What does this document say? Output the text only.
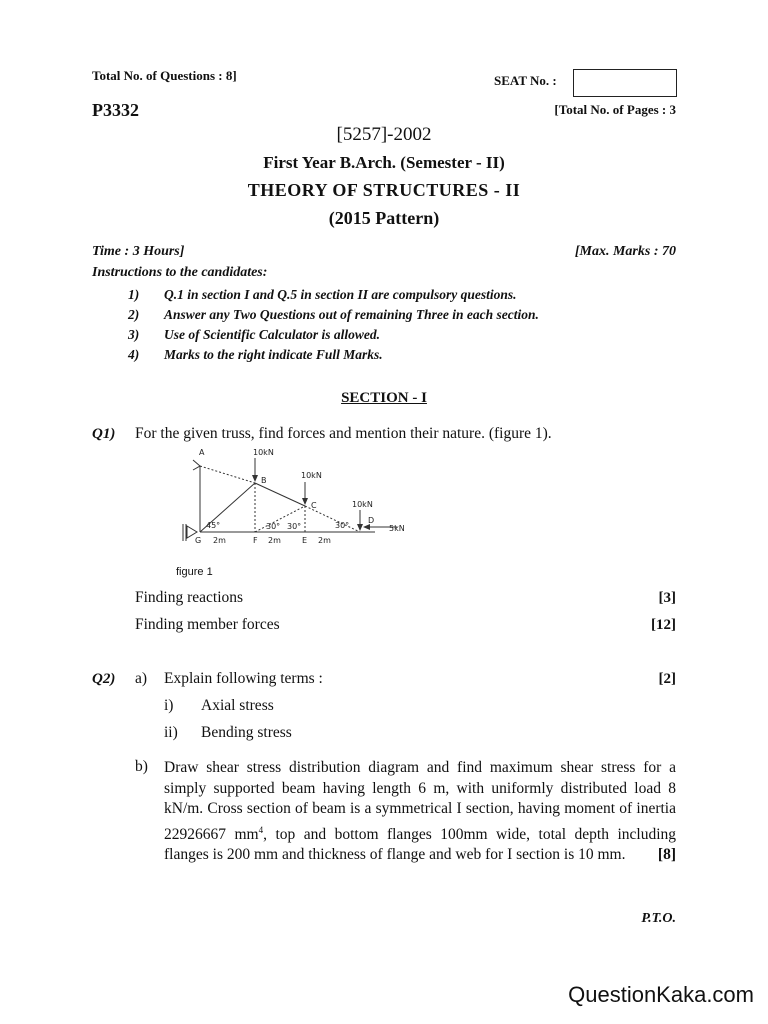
Total No. of Questions : 8]	SEAT No. :
P3332	[Total No. of Pages : 3
[5257]-2002
First Year B.Arch. (Semester - II)
THEORY OF STRUCTURES - II
(2015 Pattern)
Time : 3 Hours]	[Max. Marks : 70
Instructions to the candidates:
1) Q.1 in section I and Q.5 in section II are compulsory questions.
2) Answer any Two Questions out of remaining Three in each section.
3) Use of Scientific Calculator is allowed.
4) Marks to the right indicate Full Marks.
SECTION - I
Q1) For the given truss, find forces and mention their nature. (figure 1).
A	10kN
B
10kN
C	10kN
D
5kN
45°	30° 30°	30°
G 2m	F 2m	E 2m
figure 1
Finding reactions	[3]
Finding member forces	[12]
Q2) a) Explain following terms :	[2]
i) Axial stress
ii) Bending stress
b) Draw shear stress distribution diagram and find maximum shear stress for a simply supported beam having length 6 m, with uniformly distributed load 8 kN/m. Cross section of beam is a symmetrical I section, having moment of inertia 22926667 $mm^4$, top and bottom flanges 100mm wide, total depth including flanges is 200 mm and thickness of flange and web for I section is 10 mm. [8]
P.T.O.
QuestionKaka.com
